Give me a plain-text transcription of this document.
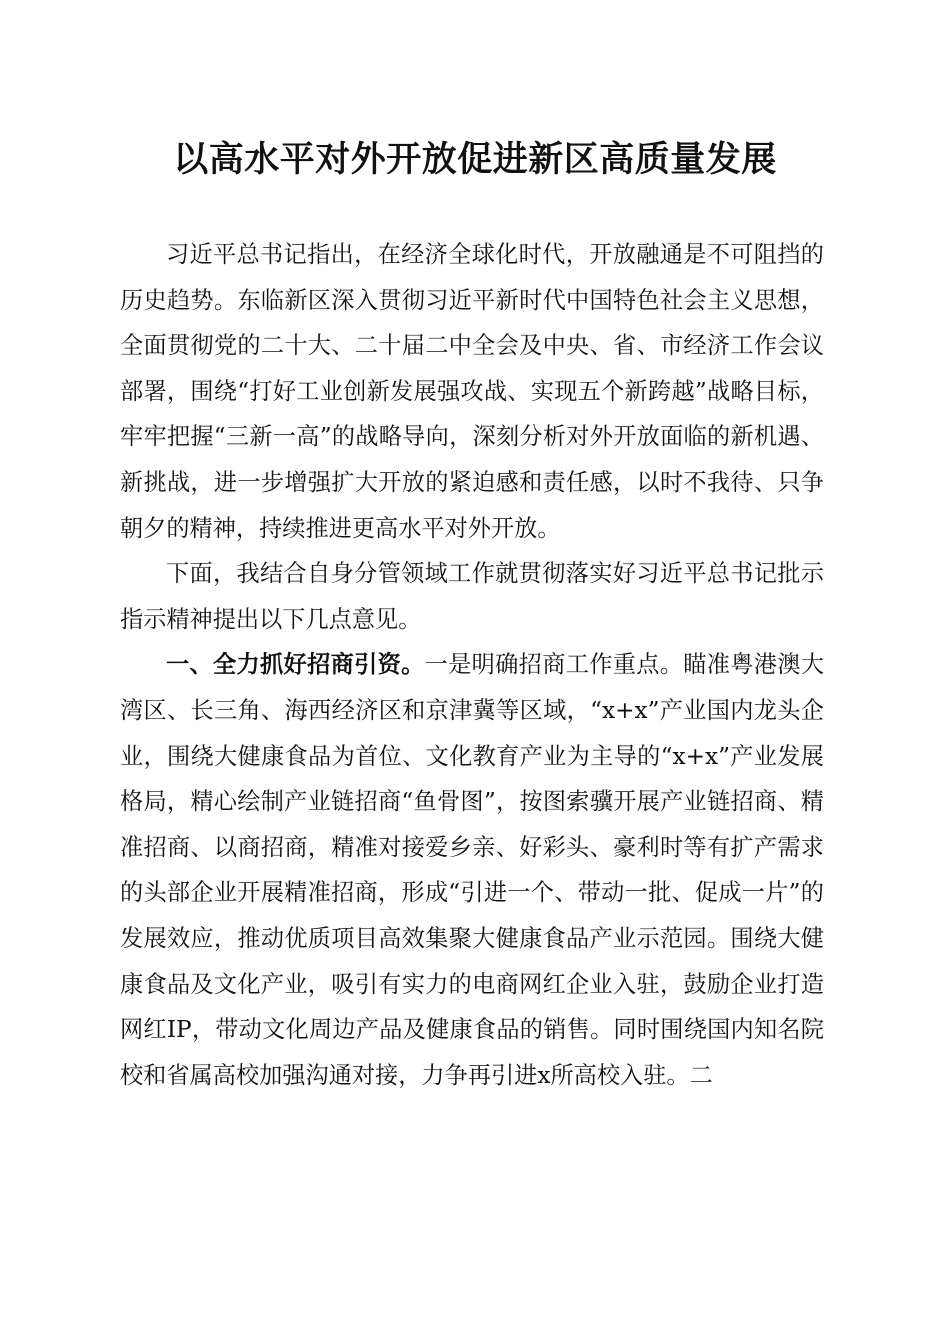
以高水平对外开放促进新区高质量发展

习近平总书记指出，在经济全球化时代，开放融通是不可阻挡的历史趋势。东临新区深入贯彻习近平新时代中国特色社会主义思想，全面贯彻党的二十大、二十届二中全会及中央、省、市经济工作会议部署，围绕“打好工业创新发展强攻战、实现五个新跨越”战略目标，牢牢把握“三新一高”的战略导向，深刻分析对外开放面临的新机遇、新挑战，进一步增强扩大开放的紧迫感和责任感，以时不我待、只争朝夕的精神，持续推进更高水平对外开放。

下面，我结合自身分管领域工作就贯彻落实好习近平总书记批示指示精神提出以下几点意见。

一、全力抓好招商引资。一是明确招商工作重点。瞄准粤港澳大湾区、长三角、海西经济区和京津冀等区域，“x+x”产业国内龙头企业，围绕大健康食品为首位、文化教育产业为主导的“x+x”产业发展格局，精心绘制产业链招商“鱼骨图”，按图索骥开展产业链招商、精准招商、以商招商，精准对接爱乡亲、好彩头、豪利时等有扩产需求的头部企业开展精准招商，形成“引进一个、带动一批、促成一片”的发展效应，推动优质项目高效集聚大健康食品产业示范园。围绕大健康食品及文化产业，吸引有实力的电商网红企业入驻，鼓励企业打造网红IP，带动文化周边产品及健康食品的销售。同时围绕国内知名院校和省属高校加强沟通对接，力争再引进x所高校入驻。二
